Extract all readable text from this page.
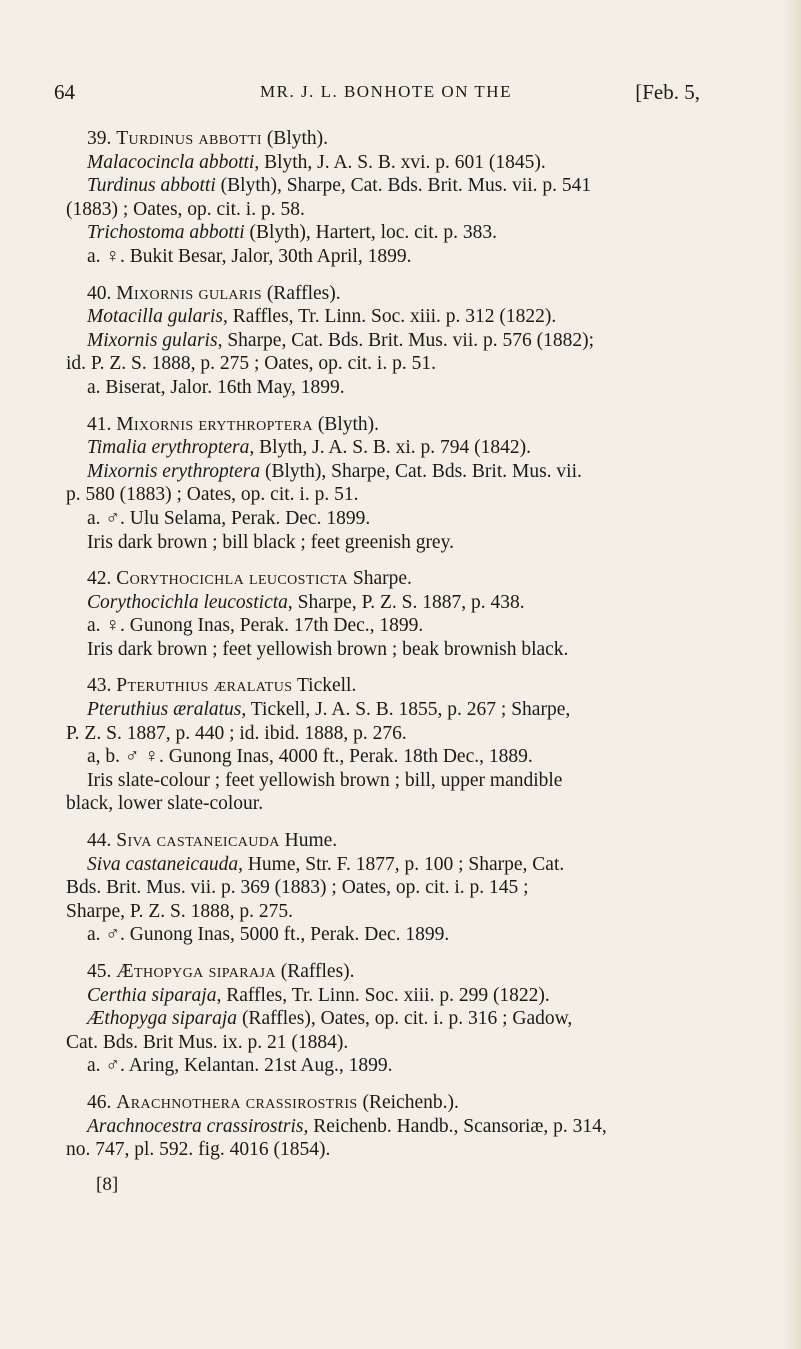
64	MR. J. L. BONHOTE ON THE	[Feb. 5,
39. Turdinus abbotti (Blyth).
Malacocincla abbotti, Blyth, J. A. S. B. xvi. p. 601 (1845).
Turdinus abbotti (Blyth), Sharpe, Cat. Bds. Brit. Mus. vii. p. 541
(1883) ; Oates, op. cit. i. p. 58.
Trichostoma abbotti (Blyth), Hartert, loc. cit. p. 383.
a. ♀. Bukit Besar, Jalor, 30th April, 1899.
40. Mixornis gularis (Raffles).
Motacilla gularis, Raffles, Tr. Linn. Soc. xiii. p. 312 (1822).
Mixornis gularis, Sharpe, Cat. Bds. Brit. Mus. vii. p. 576 (1882);
id. P. Z. S. 1888, p. 275 ; Oates, op. cit. i. p. 51.
a. Biserat, Jalor. 16th May, 1899.
41. Mixornis erythroptera (Blyth).
Timalia erythroptera, Blyth, J. A. S. B. xi. p. 794 (1842).
Mixornis erythroptera (Blyth), Sharpe, Cat. Bds. Brit. Mus. vii.
p. 580 (1883) ; Oates, op. cit. i. p. 51.
a. ♂. Ulu Selama, Perak. Dec. 1899.
Iris dark brown ; bill black ; feet greenish grey.
42. Corythocichla leucosticta Sharpe.
Corythocichla leucosticta, Sharpe, P. Z. S. 1887, p. 438.
a. ♀. Gunong Inas, Perak. 17th Dec., 1899.
Iris dark brown ; feet yellowish brown ; beak brownish black.
43. Pteruthius æralatus Tickell.
Pteruthius æralatus, Tickell, J. A. S. B. 1855, p. 267 ; Sharpe,
P. Z. S. 1887, p. 440 ; id. ibid. 1888, p. 276.
a, b. ♂ ♀. Gunong Inas, 4000 ft., Perak. 18th Dec., 1889.
Iris slate-colour ; feet yellowish brown ; bill, upper mandible
black, lower slate-colour.
44. Siva castaneicauda Hume.
Siva castaneicauda, Hume, Str. F. 1877, p. 100 ; Sharpe, Cat.
Bds. Brit. Mus. vii. p. 369 (1883) ; Oates, op. cit. i. p. 145 ;
Sharpe, P. Z. S. 1888, p. 275.
a. ♂. Gunong Inas, 5000 ft., Perak. Dec. 1899.
45. Æthopyga siparaja (Raffles).
Certhia siparaja, Raffles, Tr. Linn. Soc. xiii. p. 299 (1822).
Æthopyga siparaja (Raffles), Oates, op. cit. i. p. 316 ; Gadow,
Cat. Bds. Brit Mus. ix. p. 21 (1884).
a. ♂. Aring, Kelantan. 21st Aug., 1899.
46. Arachnothera crassirostris (Reichenb.).
Arachnocestra crassirostris, Reichenb. Handb., Scansoriæ, p. 314,
no. 747, pl. 592. fig. 4016 (1854).
[8]
